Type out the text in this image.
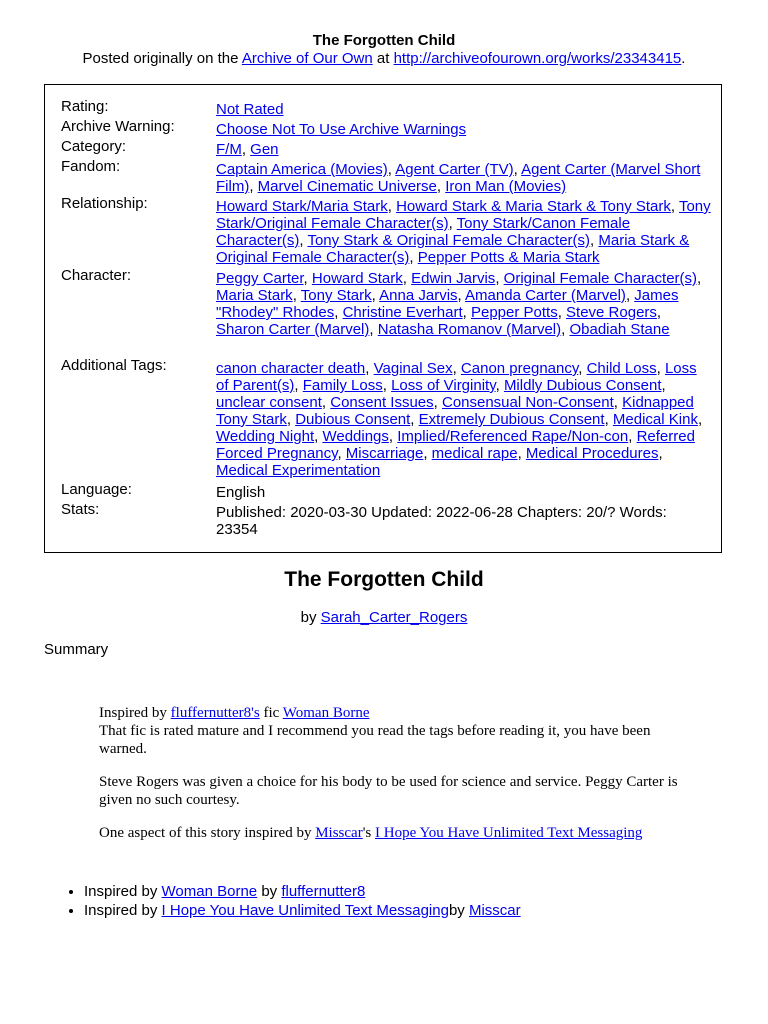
The Forgotten Child
Posted originally on the Archive of Our Own at http://archiveofourown.org/works/23343415.
Rating:	Not Rated
Archive Warning:	Choose Not To Use Archive Warnings
Category:	F/M, Gen
Fandom:	Captain America (Movies), Agent Carter (TV), Agent Carter (Marvel Short Film), Marvel Cinematic Universe, Iron Man (Movies)
Relationship:	Howard Stark/Maria Stark, Howard Stark & Maria Stark & Tony Stark, Tony Stark/Original Female Character(s), Tony Stark/Canon Female Character(s), Tony Stark & Original Female Character(s), Maria Stark & Original Female Character(s), Pepper Potts & Maria Stark
Character:	Peggy Carter, Howard Stark, Edwin Jarvis, Original Female Character(s), Maria Stark, Tony Stark, Anna Jarvis, Amanda Carter (Marvel), James "Rhodey" Rhodes, Christine Everhart, Pepper Potts, Steve Rogers, Sharon Carter (Marvel), Natasha Romanov (Marvel), Obadiah Stane
Additional Tags:	canon character death, Vaginal Sex, Canon pregnancy, Child Loss, Loss of Parent(s), Family Loss, Loss of Virginity, Mildly Dubious Consent, unclear consent, Consent Issues, Consensual Non-Consent, Kidnapped Tony Stark, Dubious Consent, Extremely Dubious Consent, Medical Kink, Wedding Night, Weddings, Implied/Referenced Rape/Non-con, Referred Forced Pregnancy, Miscarriage, medical rape, Medical Procedures, Medical Experimentation
Language:	English
Stats:	Published: 2020-03-30 Updated: 2022-06-28 Chapters: 20/? Words: 23354
The Forgotten Child
by Sarah_Carter_Rogers
Summary

Inspired by fluffernutter8's fic Woman Borne
That fic is rated mature and I recommend you read the tags before reading it, you have been warned.

Steve Rogers was given a choice for his body to be used for science and service. Peggy Carter is given no such courtesy.

One aspect of this story inspired by Misscar's I Hope You Have Unlimited Text Messaging

• Inspired by Woman Borne by fluffernutter8
• Inspired by I Hope You Have Unlimited Text Messagingby Misscar
